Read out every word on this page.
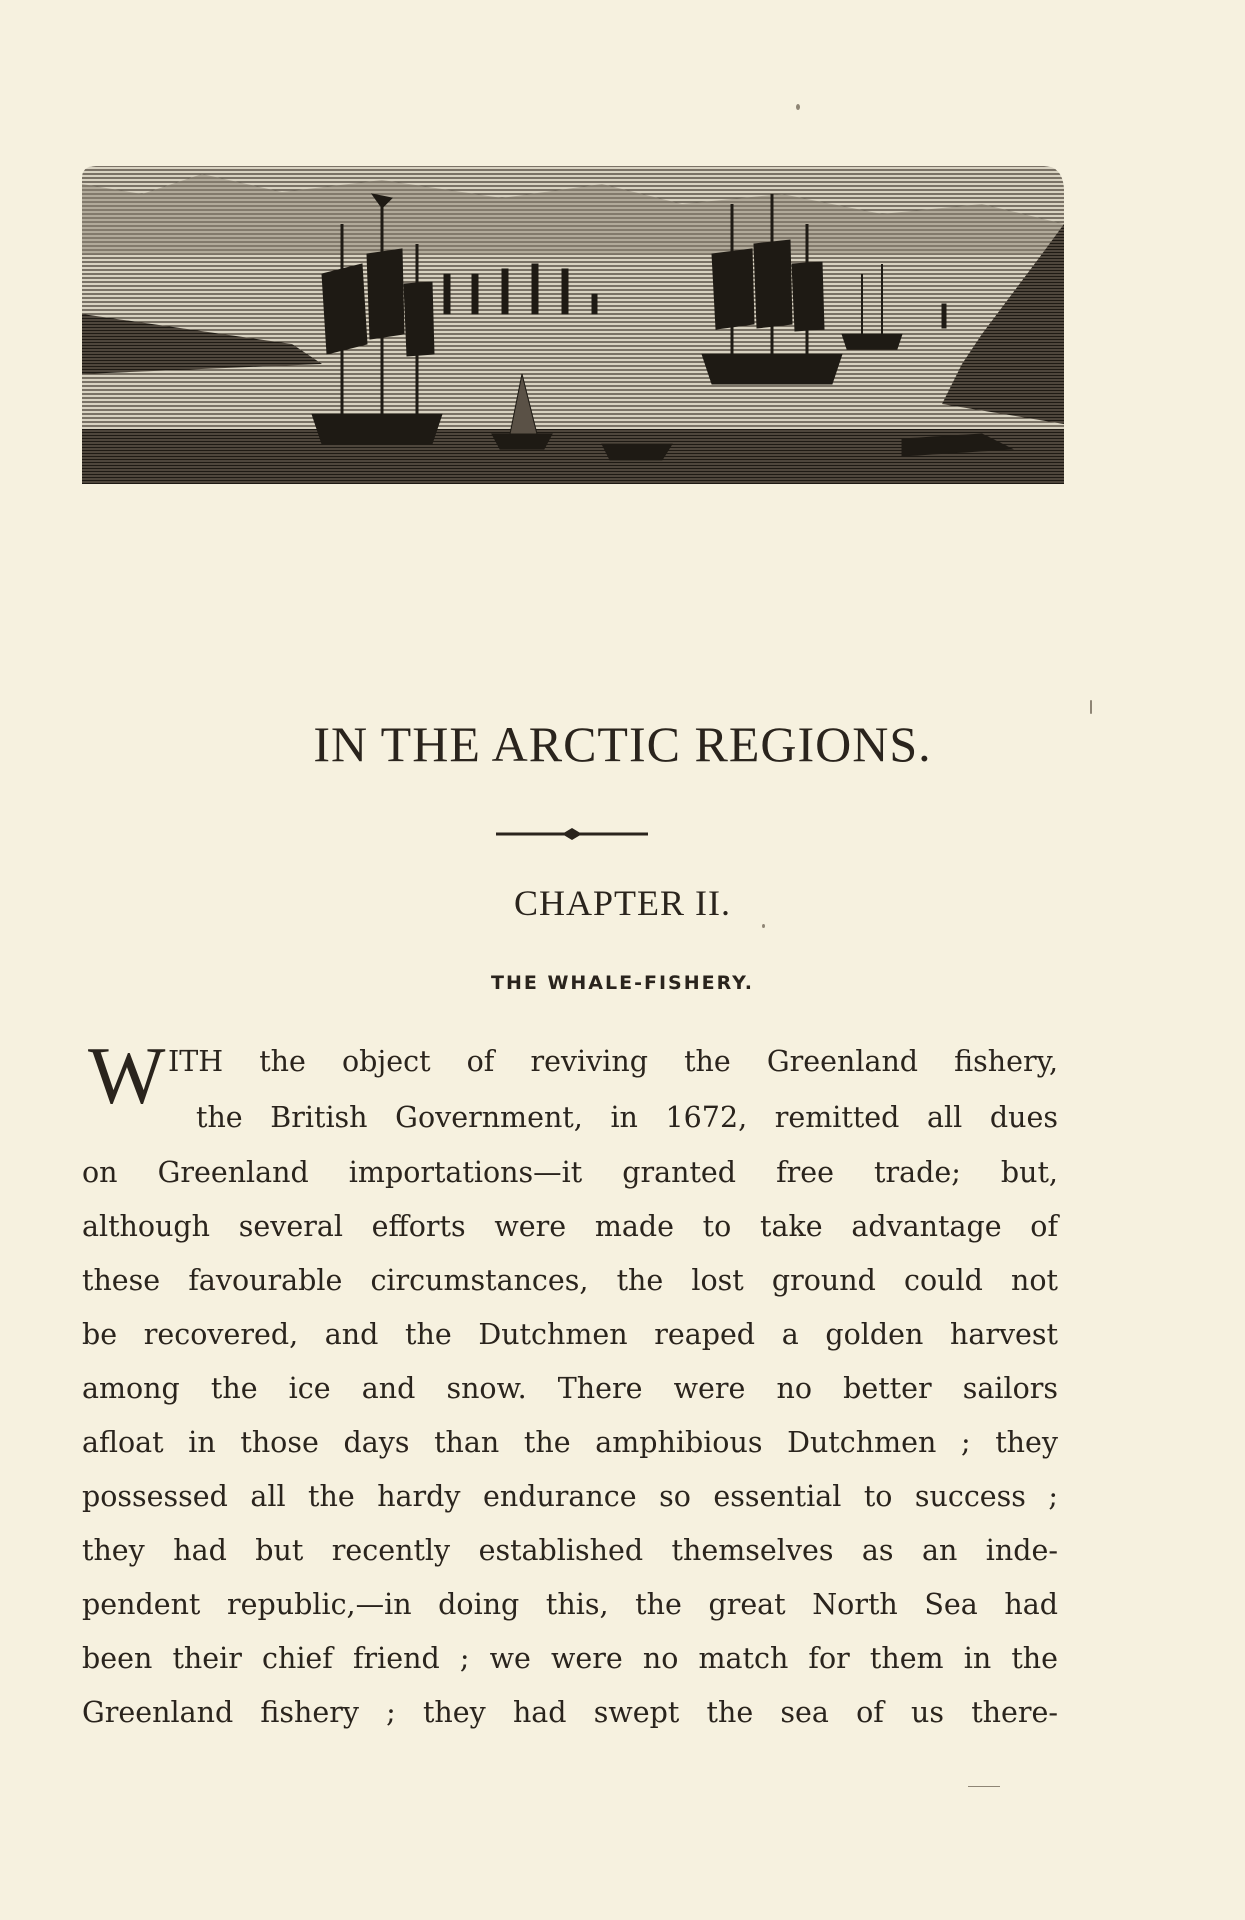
IN THE ARCTIC REGIONS.
CHAPTER II.
THE WHALE-FISHERY.
W ITH the object of reviving the Greenland fishery,
the British Government, in 1672, remitted all dues
on Greenland importations—it granted free trade; but,
although several efforts were made to take advantage of
these favourable circumstances, the lost ground could not
be recovered, and the Dutchmen reaped a golden harvest
among the ice and snow. There were no better sailors
afloat in those days than the amphibious Dutchmen ; they
possessed all the hardy endurance so essential to success ;
they had but recently established themselves as an inde-
pendent republic,—in doing this, the great North Sea had
been their chief friend ; we were no match for them in the
Greenland fishery ; they had swept the sea of us there-
